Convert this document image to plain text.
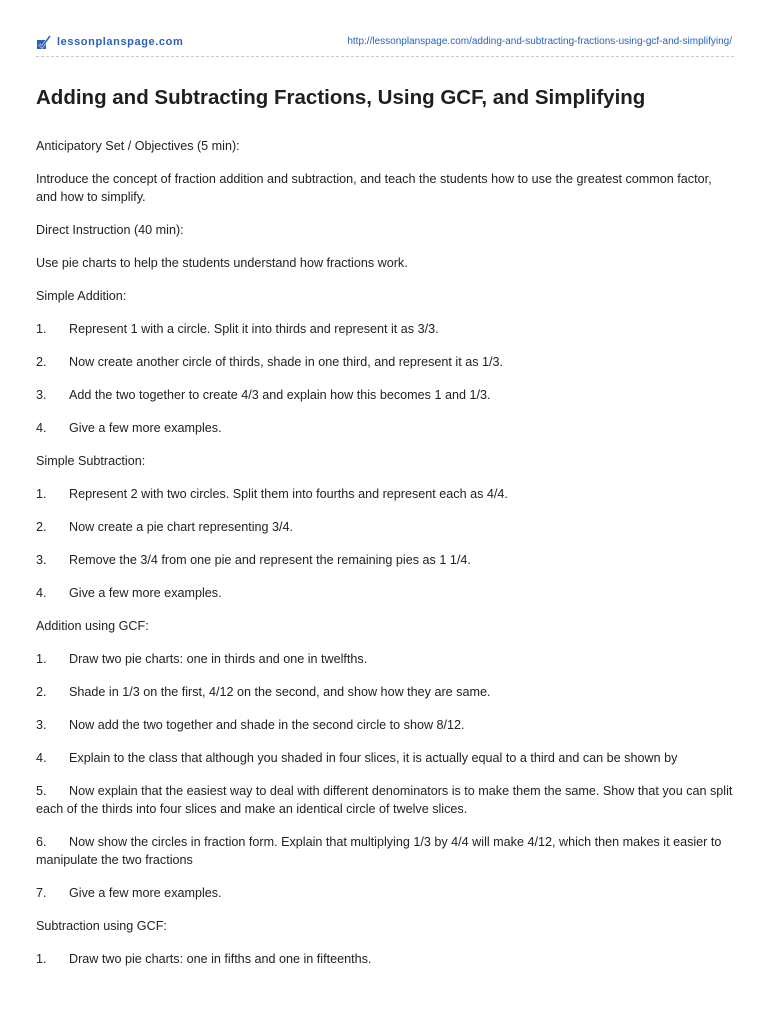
lessonplanspage.com	http://lessonplanspage.com/adding-and-subtracting-fractions-using-gcf-and-simplifying/
Adding and Subtracting Fractions, Using GCF, and Simplifying

Anticipatory Set / Objectives (5 min):

Introduce the concept of fraction addition and subtraction, and teach the students how to use the greatest common factor, and how to simplify.

Direct Instruction (40 min):

Use pie charts to help the students understand how fractions work.

Simple Addition:

1. Represent 1 with a circle. Split it into thirds and represent it as 3/3.

2. Now create another circle of thirds, shade in one third, and represent it as 1/3.

3. Add the two together to create 4/3 and explain how this becomes 1 and 1/3.

4. Give a few more examples.

Simple Subtraction:

1. Represent 2 with two circles. Split them into fourths and represent each as 4/4.

2. Now create a pie chart representing 3/4.

3. Remove the 3/4 from one pie and represent the remaining pies as 1 1/4.

4. Give a few more examples.

Addition using GCF:

1. Draw two pie charts: one in thirds and one in twelfths.

2. Shade in 1/3 on the first, 4/12 on the second, and show how they are same.

3. Now add the two together and shade in the second circle to show 8/12.

4. Explain to the class that although you shaded in four slices, it is actually equal to a third and can be shown by

5. Now explain that the easiest way to deal with different denominators is to make them the same. Show that you can split each of the thirds into four slices and make an identical circle of twelve slices.

6. Now show the circles in fraction form. Explain that multiplying 1/3 by 4/4 will make 4/12, which then makes it easier to manipulate the two fractions

7. Give a few more examples.

Subtraction using GCF:

1. Draw two pie charts: one in fifths and one in fifteenths.
